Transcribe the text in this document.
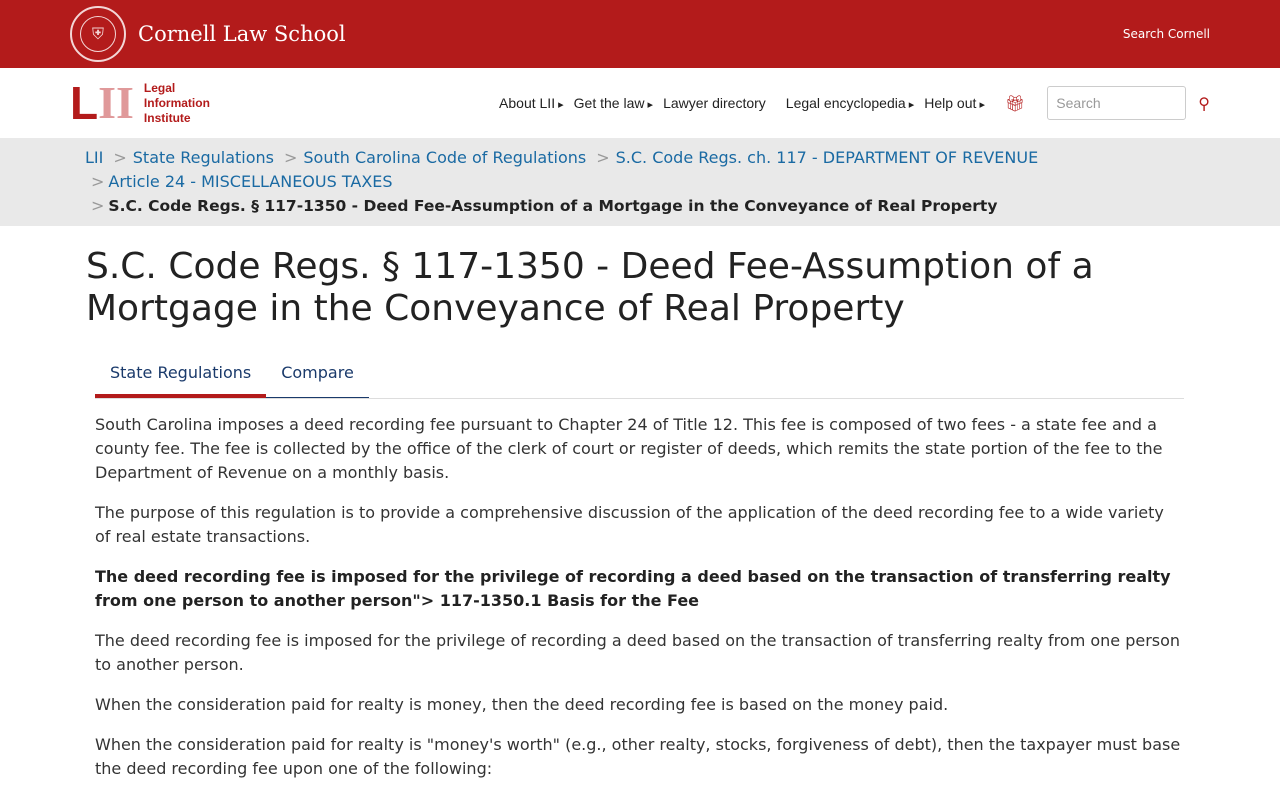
⛨	Cornell Law School	Search Cornell
L II Legal
Information
Institute
About LII ▸	Get the law ▸	Lawyer directory Legal encyclopedia ▸	Help out ▸	🎁︎	Search	⚲
LII > State Regulations > South Carolina Code of Regulations > S.C. Code Regs. ch. 117 - DEPARTMENT OF REVENUE
> Article 24 - MISCELLANEOUS TAXES
> S.C. Code Regs. § 117-1350 - Deed Fee-Assumption of a Mortgage in the Conveyance of Real Property
S.C. Code Regs. § 117-1350 - Deed Fee-Assumption of a Mortgage in the Conveyance of Real Property
State Regulations	Compare

South Carolina imposes a deed recording fee pursuant to Chapter 24 of Title 12. This fee is composed of two fees - a state fee and a county fee. The fee is collected by the office of the clerk of court or register of deeds, which remits the state portion of the fee to the Department of Revenue on a monthly basis.

The purpose of this regulation is to provide a comprehensive discussion of the application of the deed recording fee to a wide variety of real estate transactions.

The deed recording fee is imposed for the privilege of recording a deed based on the transaction of transferring realty from one person to another person"> 117-1350.1 Basis for the Fee

The deed recording fee is imposed for the privilege of recording a deed based on the transaction of transferring realty from one person to another person.

When the consideration paid for realty is money, then the deed recording fee is based on the money paid.

When the consideration paid for realty is "money's worth" (e.g., other realty, stocks, forgiveness of debt), then the taxpayer must base the deed recording fee upon one of the following:
